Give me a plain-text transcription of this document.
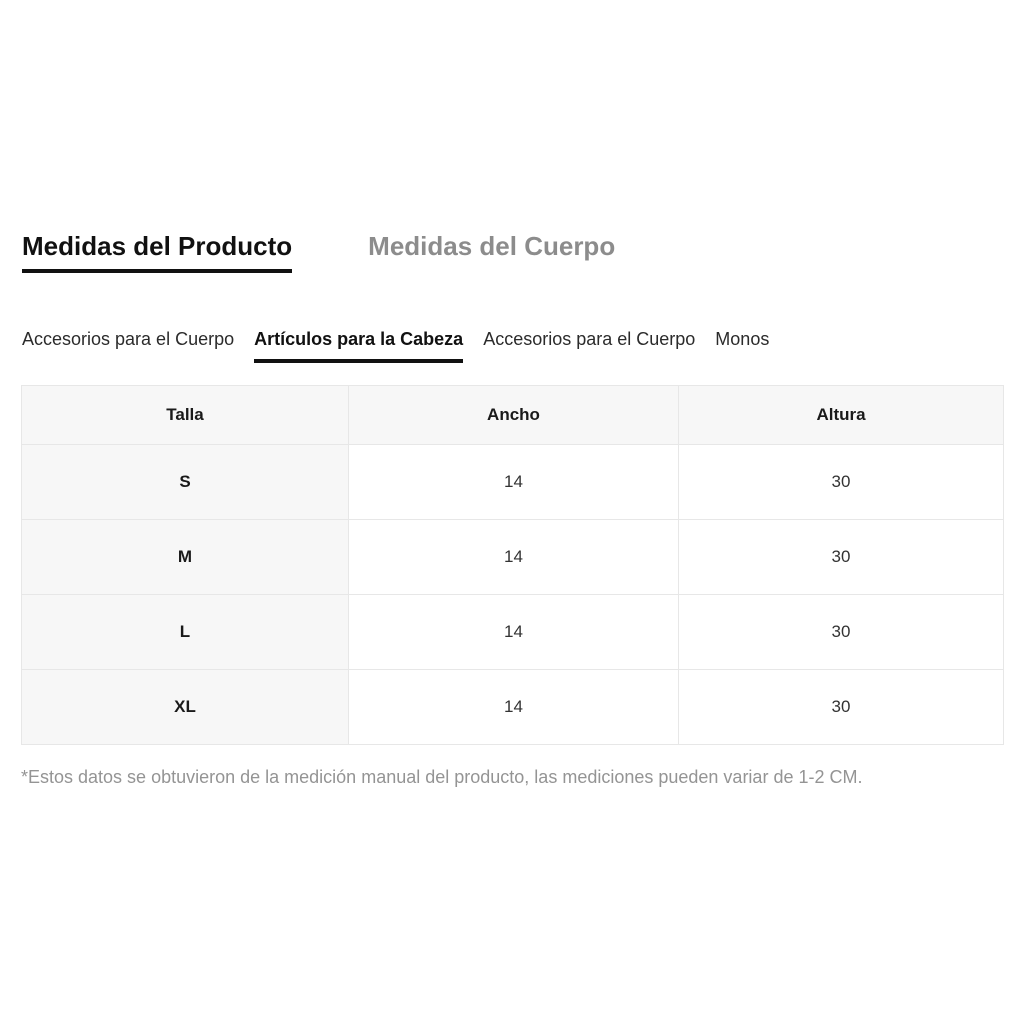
Medidas del Producto	Medidas del Cuerpo
Accesorios para el Cuerpo Artículos para la Cabeza Accesorios para el Cuerpo Monos
Talla	Ancho	Altura
S	14	30
M	14	30
L	14	30
XL	14	30

*Estos datos se obtuvieron de la medición manual del producto, las mediciones pueden variar de 1-2 CM.
